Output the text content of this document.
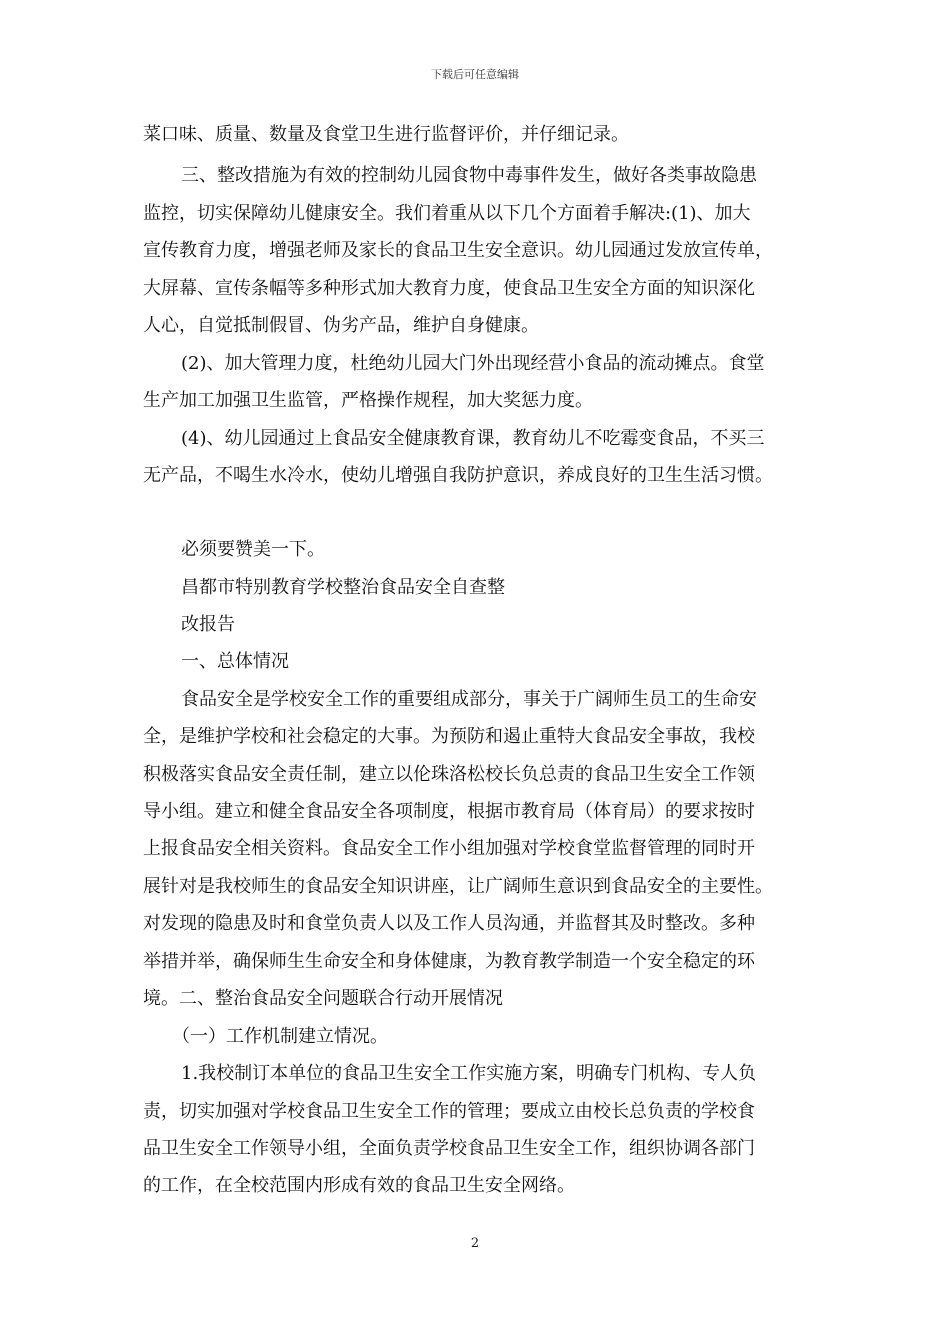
下载后可任意编辑
菜口味、质量、数量及食堂卫生进行监督评价，并仔细记录。
三、整改措施为有效的控制幼儿园食物中毒事件发生，做好各类事故隐患
监控，切实保障幼儿健康安全。我们着重从以下几个方面着手解决:(1)、加大
宣传教育力度，增强老师及家长的食品卫生安全意识。幼儿园通过发放宣传单，
大屏幕、宣传条幅等多种形式加大教育力度，使食品卫生安全方面的知识深化
人心，自觉抵制假冒、伪劣产品，维护自身健康。
(2)、加大管理力度，杜绝幼儿园大门外出现经营小食品的流动摊点。食堂
生产加工加强卫生监管，严格操作规程，加大奖惩力度。
(4)、幼儿园通过上食品安全健康教育课，教育幼儿不吃霉变食品，不买三
无产品，不喝生水冷水，使幼儿增强自我防护意识，养成良好的卫生生活习惯。
必须要赞美一下。
昌都市特别教育学校整治食品安全自查整
改报告
一、总体情况
食品安全是学校安全工作的重要组成部分，事关于广阔师生员工的生命安
全，是维护学校和社会稳定的大事。为预防和遏止重特大食品安全事故，我校
积极落实食品安全责任制，建立以伦珠洛松校长负总责的食品卫生安全工作领
导小组。建立和健全食品安全各项制度，根据市教育局（体育局）的要求按时
上报食品安全相关资料。食品安全工作小组加强对学校食堂监督管理的同时开
展针对是我校师生的食品安全知识讲座，让广阔师生意识到食品安全的主要性。
对发现的隐患及时和食堂负责人以及工作人员沟通，并监督其及时整改。多种
举措并举，确保师生生命安全和身体健康，为教育教学制造一个安全稳定的环
境。二、整治食品安全问题联合行动开展情况
（一）工作机制建立情况。
1.我校制订本单位的食品卫生安全工作实施方案，明确专门机构、专人负
责，切实加强对学校食品卫生安全工作的管理；要成立由校长总负责的学校食
品卫生安全工作领导小组，全面负责学校食品卫生安全工作，组织协调各部门
的工作，在全校范围内形成有效的食品卫生安全网络。
2
